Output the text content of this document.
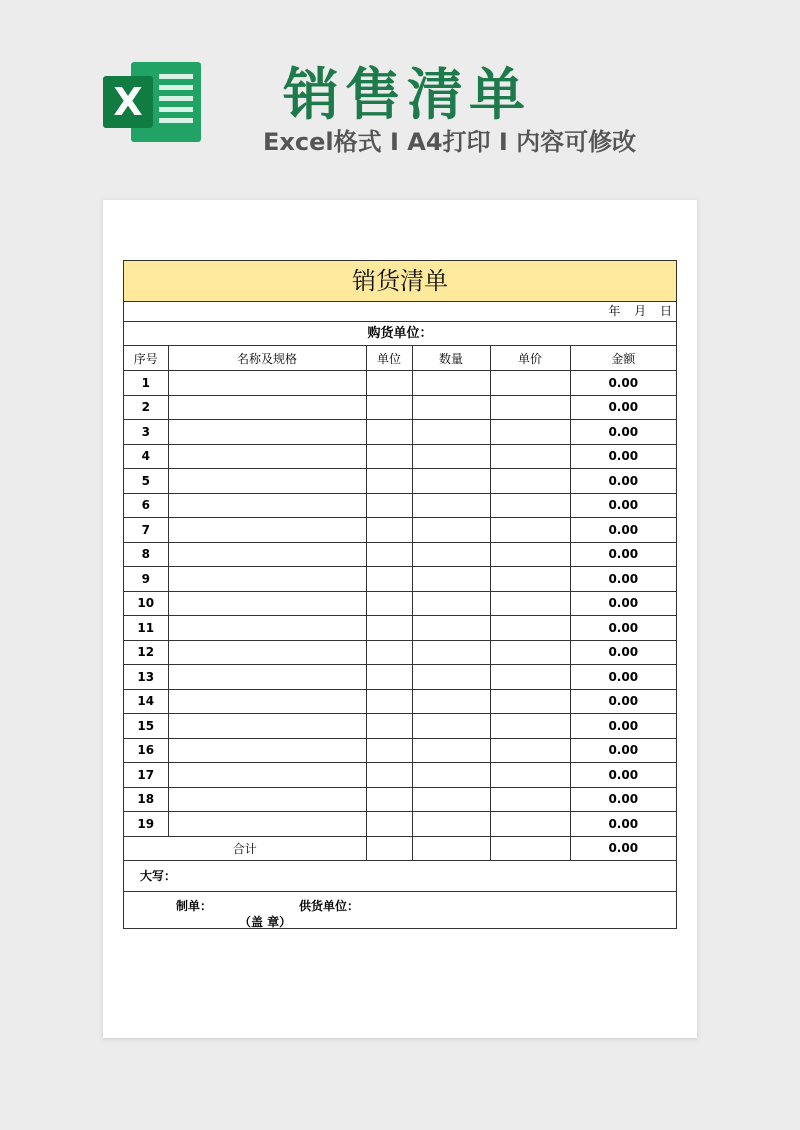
X	销售清单
Excel格式 I A4打印 I 内容可修改
销货清单
年 月 日
购货单位：
序号	名称及规格	单位	数量	单价	金额
1					0.00
2					0.00
3					0.00
4					0.00
5					0.00
6					0.00
7					0.00
8					0.00
9					0.00
10					0.00
11					0.00
12					0.00
13					0.00
14					0.00
15					0.00
16					0.00
17					0.00
18					0.00
19					0.00
合计					0.00
大写：
制单：	供货单位：
（盖 章）
